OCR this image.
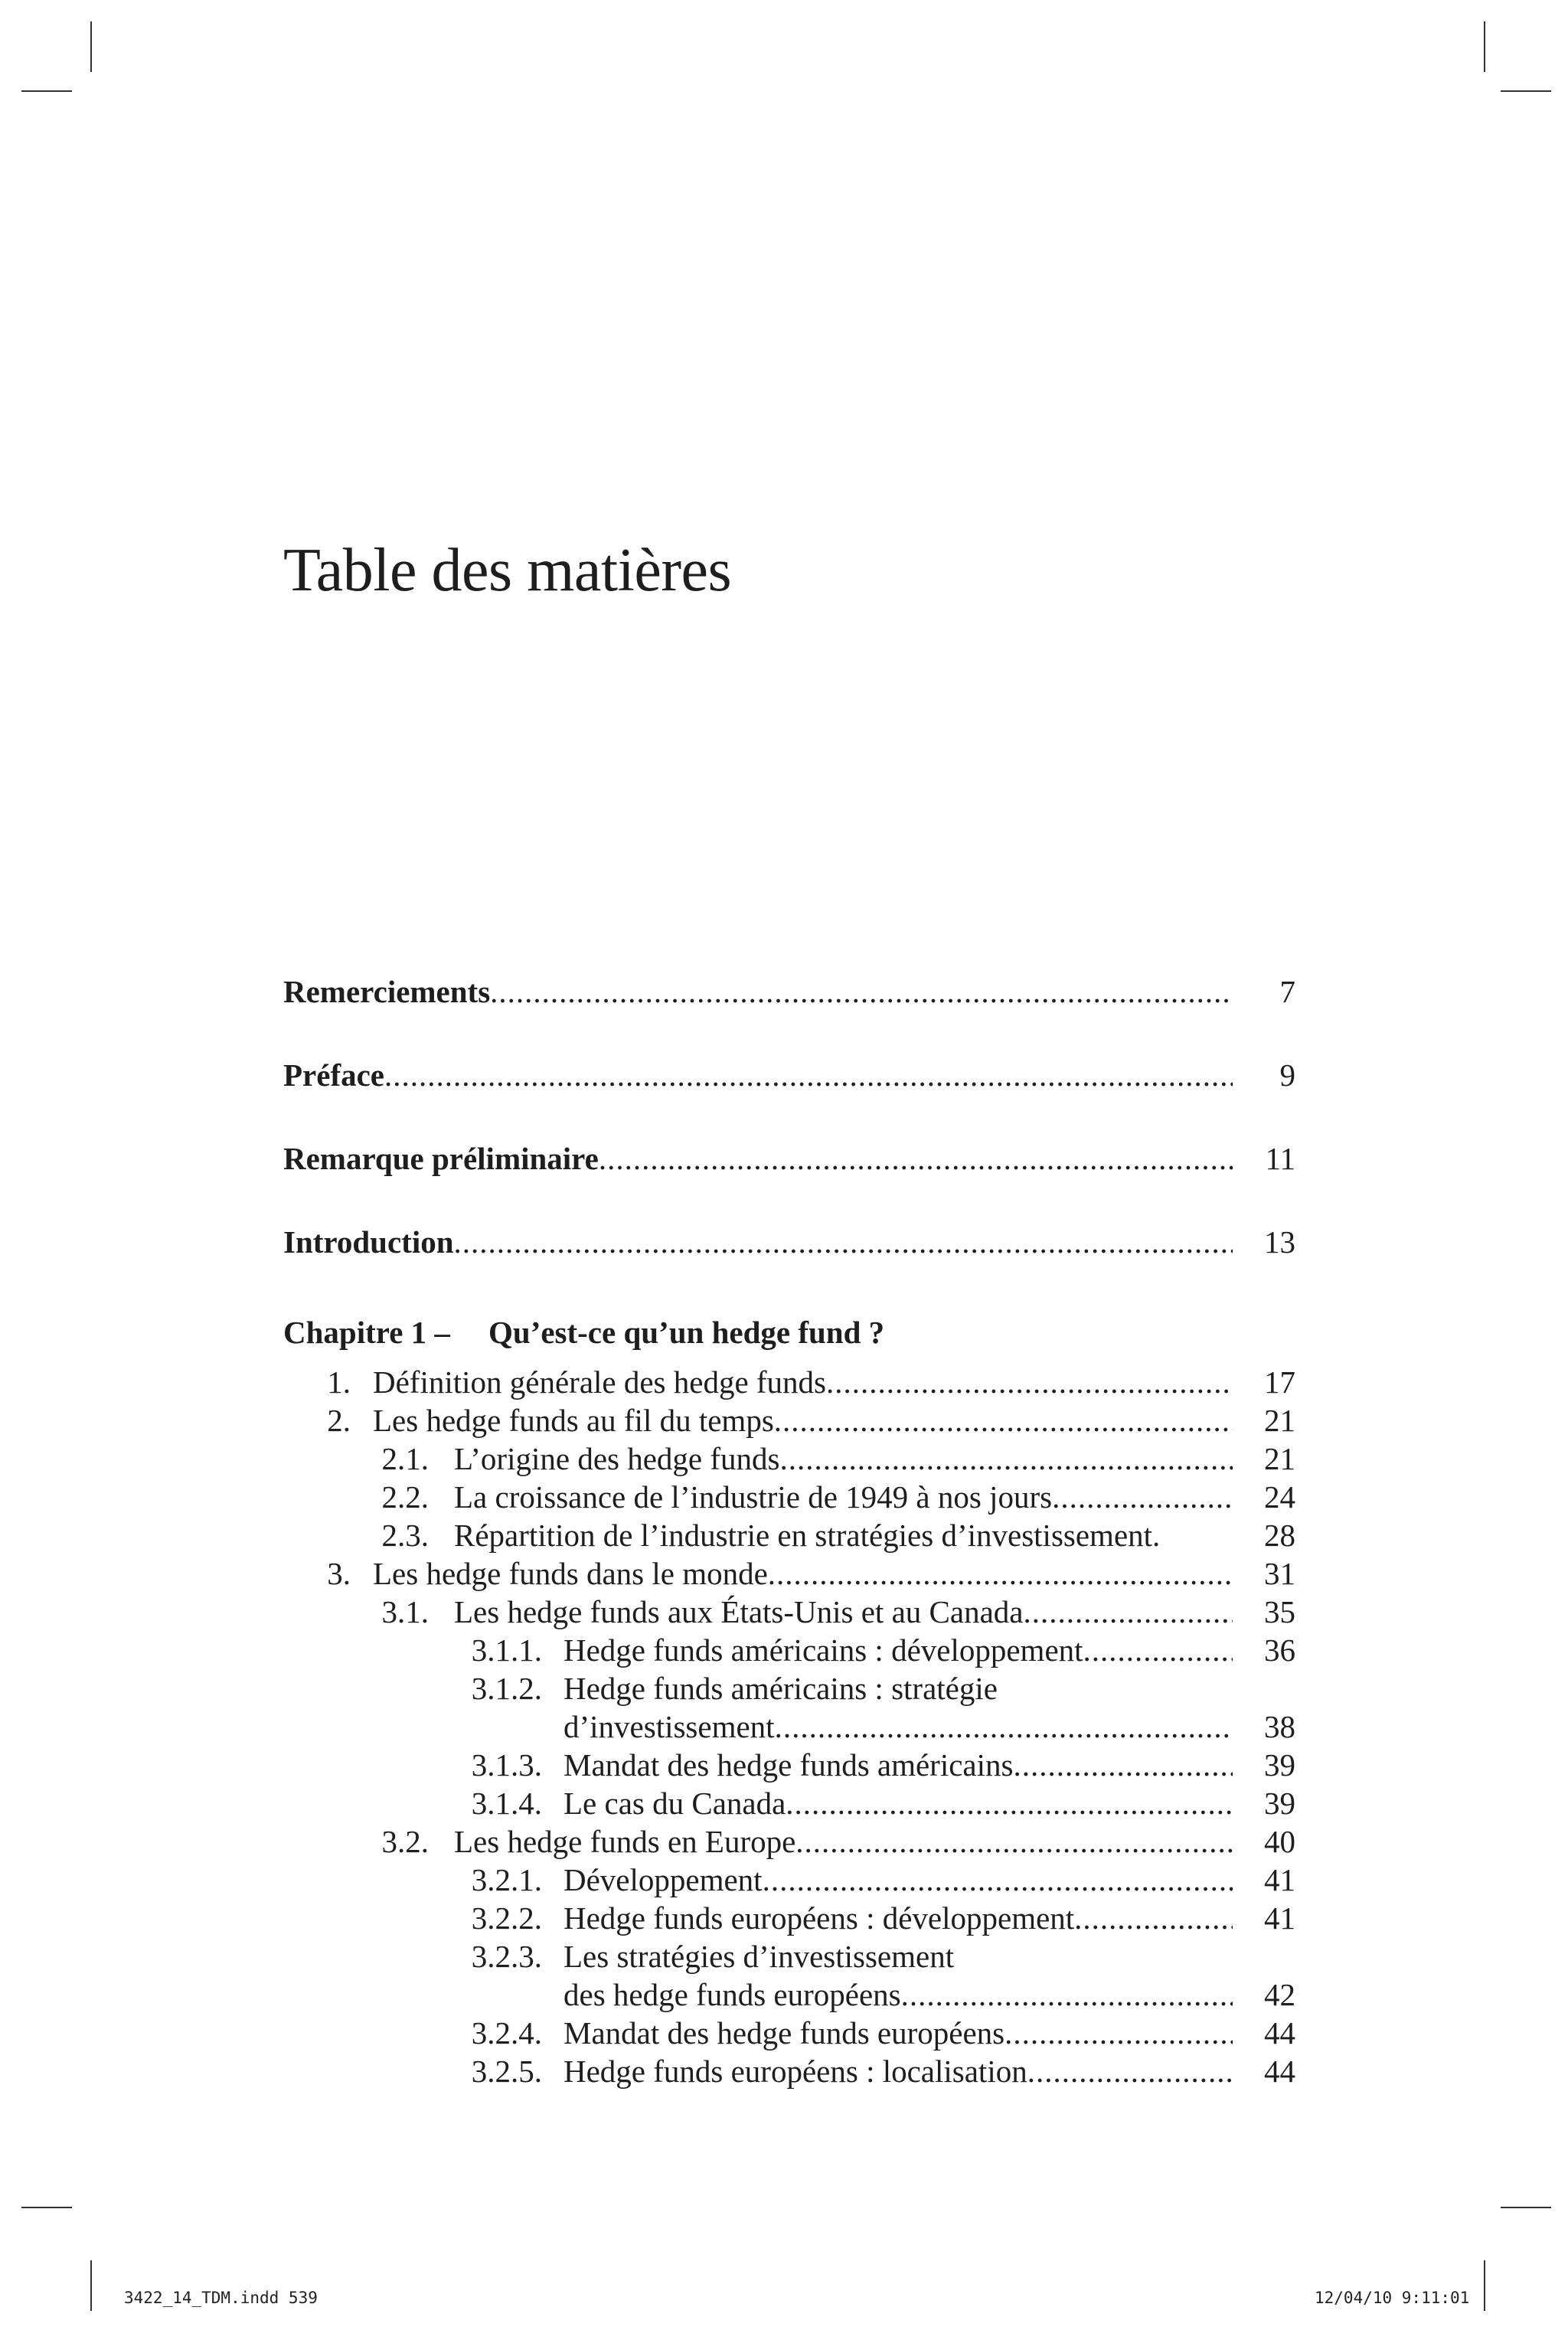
Table des matières
Remerciements .....	7
Préface .....	9
Remarque préliminaire .....	11
Introduction .....	13
Chapitre 1 – Qu’est-ce qu’un hedge fund ?
1. Définition générale des hedge funds .....	17
2. Les hedge funds au fil du temps .....	21
2.1. L’origine des hedge funds .....	21
2.2. La croissance de l’industrie de 1949 à nos jours .....	24
2.3. Répartition de l’industrie en stratégies d’investissement.	28
3. Les hedge funds dans le monde .....	31
3.1. Les hedge funds aux États-Unis et au Canada .....	35
3.1.1. Hedge funds américains : développement .....	36
3.1.2. Hedge funds américains : stratégie
d’investissement .....	38
3.1.3. Mandat des hedge funds américains .....	39
3.1.4. Le cas du Canada .....	39
3.2. Les hedge funds en Europe .....	40
3.2.1. Développement .....	41
3.2.2. Hedge funds européens : développement .....	41
3.2.3. Les stratégies d’investissement
des hedge funds européens .....	42
3.2.4. Mandat des hedge funds européens .....	44
3.2.5. Hedge funds européens : localisation .....	44
3422_14_TDM.indd 539	12/04/10 9:11:01
